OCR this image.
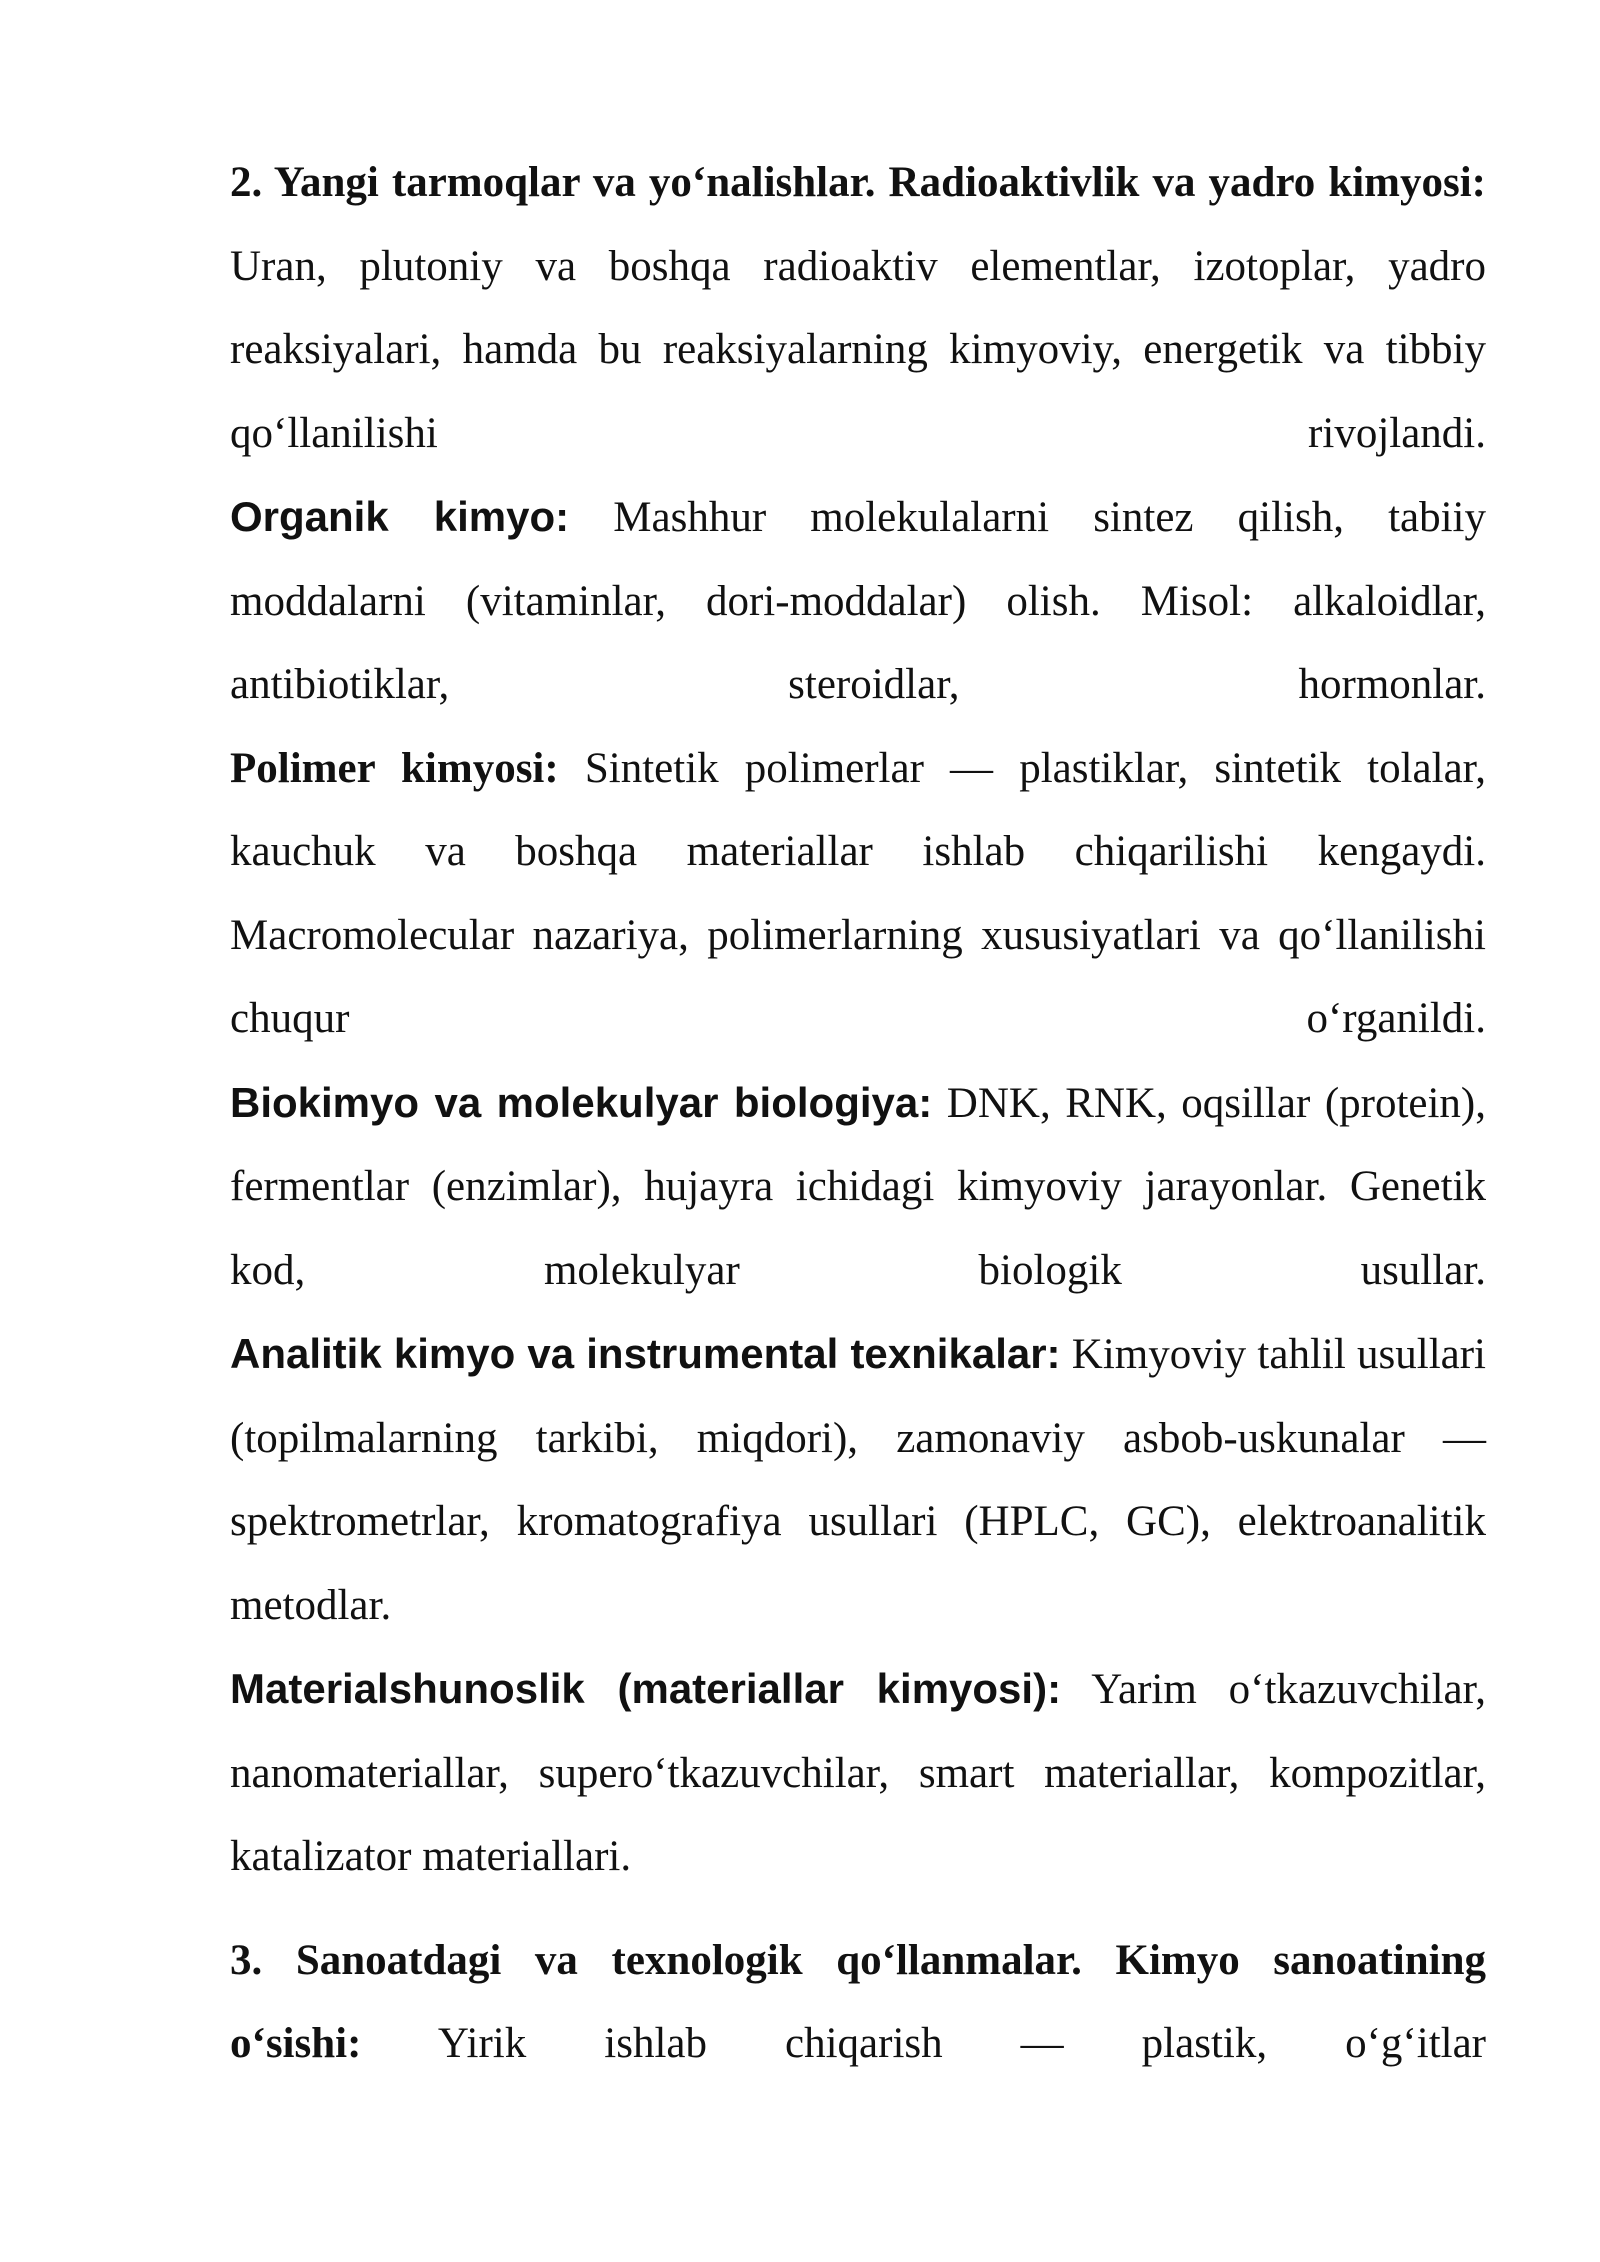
2. Yangi tarmoqlar va yo‘nalishlar. Radioaktivlik va yadro kimyosi: Uran, plutoniy va boshqa radioaktiv elementlar, izotoplar, yadro reaksiyalari, hamda bu reaksiyalarning kimyoviy, energetik va tibbiy qo‘llanilishi rivojlandi.
Organik kimyo: Mashhur molekulalarni sintez qilish, tabiiy moddalarni (vitaminlar, dori-moddalar) olish. Misol: alkaloidlar, antibiotiklar, steroidlar, hormonlar.
Polimer kimyosi: Sintetik polimerlar — plastiklar, sintetik tolalar, kauchuk va boshqa materiallar ishlab chiqarilishi kengaydi. Macromolecular nazariya, polimerlarning xususiyatlari va qo‘llanilishi chuqur o‘rganildi.
Biokimyo va molekulyar biologiya: DNK, RNK, oqsillar (protein), fermentlar (enzimlar), hujayra ichidagi kimyoviy jarayonlar. Genetik kod, molekulyar biologik usullar.
Analitik kimyo va instrumental texnikalar: Kimyoviy tahlil usullari (topilmalarning tarkibi, miqdori), zamonaviy asbob-uskunalar — spektrometrlar, kromatografiya usullari (HPLC, GC), elektroanalitik metodlar.
Materialshunoslik (materiallar kimyosi): Yarim o‘tkazuvchilar, nanomateriallar, supero‘tkazuvchilar, smart materiallar, kompozitlar, katalizator materiallari.

3. Sanoatdagi va texnologik qo‘llanmalar. Kimyo sanoatining o‘sishi: Yirik ishlab chiqarish — plastik, o‘g‘itlar
